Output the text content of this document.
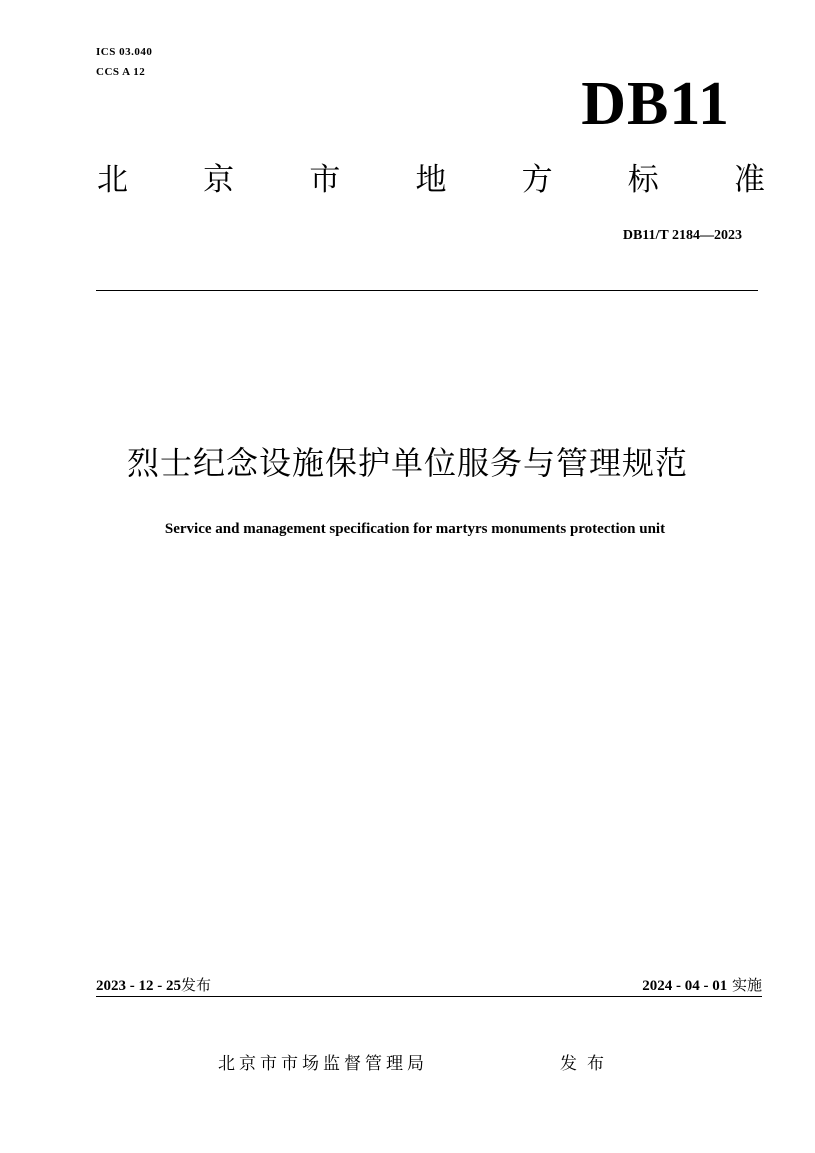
ICS 03.040
CCS A 12	DB11
北 京 市 地 方 标 准
DB11/T 2184—2023
烈士纪念设施保护单位服务与管理规范
Service and management specification for martyrs monuments protection unit
2023 - 12 - 25发布	2024 - 04 - 01 实施
北京市市场监督管理局	发布
